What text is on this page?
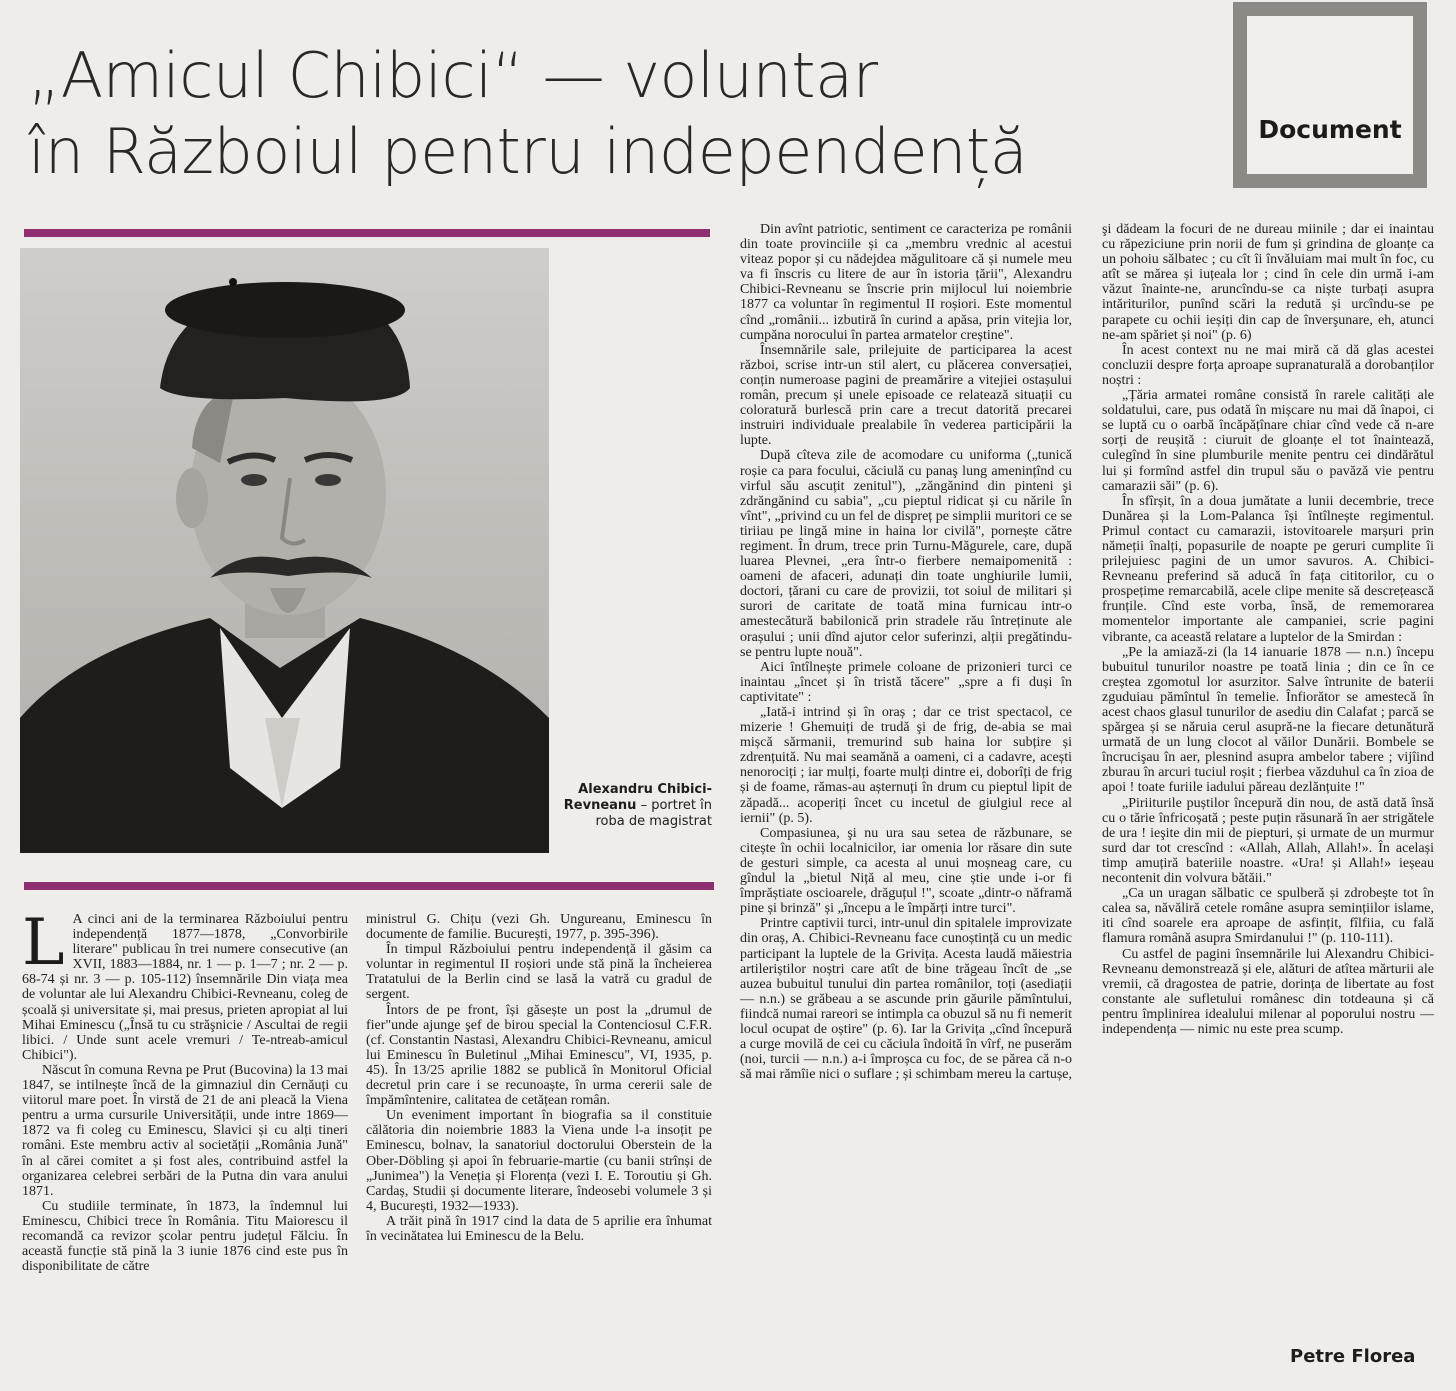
„Amicul Chibici“ — voluntar
în Războiul pentru independență	Document
Alexandru Chibici-Revneanu – portret în roba de magistrat

L A cinci ani de la terminarea Războiului pentru independență 1877—1878, „Convorbirile literare" publicau în trei numere consecutive (an XVII, 1883—1884, nr. 1 — p. 1—7 ; nr. 2 — p. 68-74 și nr. 3 — p. 105-112) însemnările Din viața mea de voluntar ale lui Alexandru Chibici-Revneanu, coleg de școală și universitate și, mai presus, prieten apropiat al lui Mihai Eminescu („Însă tu cu străşnicie / Ascultai de regii libici. / Unde sunt acele vremuri / Te-ntreab-amicul Chibici").

Născut în comuna Revna pe Prut (Bucovina) la 13 mai 1847, se intilnește încă de la gimnaziul din Cernăuți cu viitorul mare poet. În virstă de 21 de ani pleacă la Viena pentru a urma cursurile Universității, unde intre 1869—1872 va fi coleg cu Eminescu, Slavici și cu alți tineri români. Este membru activ al societății „România Jună" în al cărei comitet a și fost ales, contribuind astfel la organizarea celebrei serbări de la Putna din vara anului 1871.

Cu studiile terminate, în 1873, la îndemnul lui Eminescu, Chibici trece în România. Titu Maiorescu il recomandă ca revizor școlar pentru județul Fălciu. În această funcție stă pină la 3 iunie 1876 cind este pus în disponibilitate de către

ministrul G. Chițu (vezi Gh. Ungureanu, Eminescu în documente de familie. București, 1977, p. 395-396).

În timpul Războiului pentru independență il găsim ca voluntar in regimentul II roșiori unde stă pină la încheierea Tratatului de la Berlin cind se lasă la vatră cu gradul de sergent.

Întors de pe front, își găsește un post la „drumul de fier"unde ajunge şef de birou special la Contenciosul C.F.R. (cf. Constantin Nastasi, Alexandru Chibici-Revneanu, amicul lui Eminescu în Buletinul „Mihai Eminescu", VI, 1935, p. 45). În 13/25 aprilie 1882 se publică în Monitorul Oficial decretul prin care i se recunoaște, în urma cererii sale de împămîntenire, calitatea de cetățean român.

Un eveniment important în biografia sa il constituie călătoria din noiembrie 1883 la Viena unde l-a insoțit pe Eminescu, bolnav, la sanatoriul doctorului Oberstein de la Ober-Döbling și apoi în februarie-martie (cu banii strînși de „Junimea") la Veneția și Florența (vezi I. E. Toroutiu și Gh. Cardaș, Studii și documente literare, îndeosebi volumele 3 și 4, București, 1932—1933).

A trăit pină în 1917 cind la data de 5 aprilie era înhumat în vecinătatea lui Eminescu de la Belu.

Din avînt patriotic, sentiment ce caracteriza pe românii din toate provinciile și ca „membru vrednic al acestui viteaz popor și cu nădejdea măgulitoare că și numele meu va fi înscris cu litere de aur în istoria țării", Alexandru Chibici-Revneanu se înscrie prin mijlocul lui noiembrie 1877 ca voluntar în regimentul II roșiori. Este momentul cînd „românii... izbutiră în curind a apăsa, prin vitejia lor, cumpăna norocului în partea armatelor creștine".

Însemnările sale, prilejuite de participarea la acest război, scrise intr-un stil alert, cu plăcerea conversației, conțin numeroase pagini de preamărire a vitejiei ostașului român, precum și unele episoade ce relatează situații cu coloratură burlescă prin care a trecut datorită precarei instruiri individuale prealabile în vederea participării la lupte.

După cîteva zile de acomodare cu uniforma („tunică roșie ca para focului, căciulă cu panaş lung amenințînd cu virful său ascuțit zenitul"), „zăngănind din pinteni şi zdrăngănind cu sabia", „cu pieptul ridicat și cu nările în vînt", „privind cu un fel de dispreț pe simplii muritori ce se tiriiau pe lingă mine in haina lor civilă", pornește către regiment. În drum, trece prin Turnu-Măgurele, care, după luarea Plevnei, „era într-o fierbere nemaipomenită : oameni de afaceri, adunați din toate unghiurile lumii, doctori, țărani cu care de provizii, tot soiul de militari și surori de caritate de toată mina furnicau intr-o amestecătură babilonică prin stradele rău întreținute ale orașului ; unii dînd ajutor celor suferinzi, alții pregătindu-se pentru lupte nouă".

Aici întîlnește primele coloane de prizonieri turci ce inaintau „încet și în tristă tăcere" „spre a fi duși în captivitate" :

„Iată-i intrind și în oraș ; dar ce trist spectacol, ce mizerie ! Ghemuiți de trudă şi de frig, de-abia se mai mișcă sărmanii, tremurind sub haina lor subțire și zdrențuită. Nu mai seamănă a oameni, ci a cadavre, acești nenorociți ; iar mulți, foarte mulți dintre ei, doborîți de frig și de foame, rămas-au așternuți în drum cu pieptul lipit de zăpadă... acoperiți încet cu incetul de giulgiul rece al iernii" (p. 5).

Compasiunea, şi nu ura sau setea de răzbunare, se citește în ochii localnicilor, iar omenia lor răsare din sute de gesturi simple, ca acesta al unui moșneag care, cu gîndul la „bietul Niță al meu, cine știe unde i-or fi împrăștiate oscioarele, drăguțul !", scoate „dintr-o năframă pine și brinză" și „începu a le împărți intre turci".

Printre captivii turci, intr-unul din spitalele improvizate din oraș, A. Chibici-Revneanu face cunoștință cu un medic participant la luptele de la Grivița. Acesta laudă măiestria artileriștilor noștri care atît de bine trăgeau încît de „se auzea bubuitul tunului din partea românilor, toți (asediații — n.n.) se grăbeau a se ascunde prin găurile pămîntului, fiindcă numai rareori se intimpla ca obuzul să nu fi nemerit locul ocupat de oștire" (p. 6). Iar la Grivița „cînd începură a curge movilă de cei cu căciula îndoită în vîrf, ne puserăm (noi, turcii — n.n.) a-i împroșca cu foc, de se părea că n-o să mai rămîie nici o suflare ; și schimbam mereu la cartușe,

şi dădeam la focuri de ne dureau miinile ; dar ei inaintau cu răpeziciune prin norii de fum și grindina de gloanțe ca un pohoiu sălbatec ; cu cît îi învăluiam mai mult în foc, cu atît se mărea și iuțeala lor ; cind în cele din urmă i-am văzut înainte-ne, aruncîndu-se ca niște turbați asupra intăriturilor, punînd scări la redută și urcîndu-se pe parapete cu ochii ieșiți din cap de înverşunare, eh, atunci ne-am spăriet și noi" (p. 6)

În acest context nu ne mai miră că dă glas acestei concluzii despre forța aproape supranaturală a dorobanților noștri :

„Țăria armatei române consistă în rarele calități ale soldatului, care, pus odată în mișcare nu mai dă înapoi, ci se luptă cu o oarbă încăpățînare chiar cînd vede că n-are sorți de reușită : ciuruit de gloanțe el tot înaintează, culegînd în sine plumburile menite pentru cei dindărătul lui și formînd astfel din trupul său o pavăză vie pentru camarazii săi" (p. 6).

În sfîrșit, în a doua jumătate a lunii decembrie, trece Dunărea și la Lom-Palanca își întîlnește regimentul. Primul contact cu camarazii, istovitoarele marșuri prin nămeții înalți, popasurile de noapte pe geruri cumplite îi prilejuiesc pagini de un umor savuros. A. Chibici-Revneanu preferind să aducă în fața cititorilor, cu o prospețime remarcabilă, acele clipe menite să descrețească frunțile. Cînd este vorba, însă, de rememorarea momentelor importante ale campaniei, scrie pagini vibrante, ca această relatare a luptelor de la Smirdan :

„Pe la amiază-zi (la 14 ianuarie 1878 — n.n.) începu bubuitul tunurilor noastre pe toată linia ; din ce în ce creștea zgomotul lor asurzitor. Salve întrunite de baterii zguduiau pămîntul în temelie. Înfiorător se amestecă în acest chaos glasul tunurilor de asediu din Calafat ; parcă se spărgea și se năruia cerul asupră-ne la fiecare detunătură urmată de un lung clocot al văilor Dunării. Bombele se încrucişau în aer, plesnind asupra ambelor tabere ; vijîind zburau în arcuri tuciul roșit ; fierbea văzduhul ca în zioa de apoi ! toate furiile iadului păreau dezlănțuite !"

„Piriiturile puștilor începură din nou, de astă dată însă cu o tărie înfricoșată ; peste puțin răsunară în aer strigătele de ura ! ieşite din mii de piepturi, și urmate de un murmur surd dar tot crescînd : «Allah, Allah, Allah!». În același timp amuțiră bateriile noastre. «Ura! și Allah!» ieșeau necontenit din volvura bătăii."

„Ca un uragan sălbatic ce spulberă și zdrobește tot în calea sa, năvăliră cetele române asupra semințiilor islame, iti cînd soarele era aproape de asfințit, fîlfiia, cu fală flamura română asupra Smirdanului !" (p. 110-111).

Cu astfel de pagini însemnările lui Alexandru Chibici-Revneanu demonstrează și ele, alături de atîtea mărturii ale vremii, că dragostea de patrie, dorința de libertate au fost constante ale sufletului românesc din totdeauna și că pentru împlinirea idealului milenar al poporului nostru — independența — nimic nu este prea scump.

Petre Florea
